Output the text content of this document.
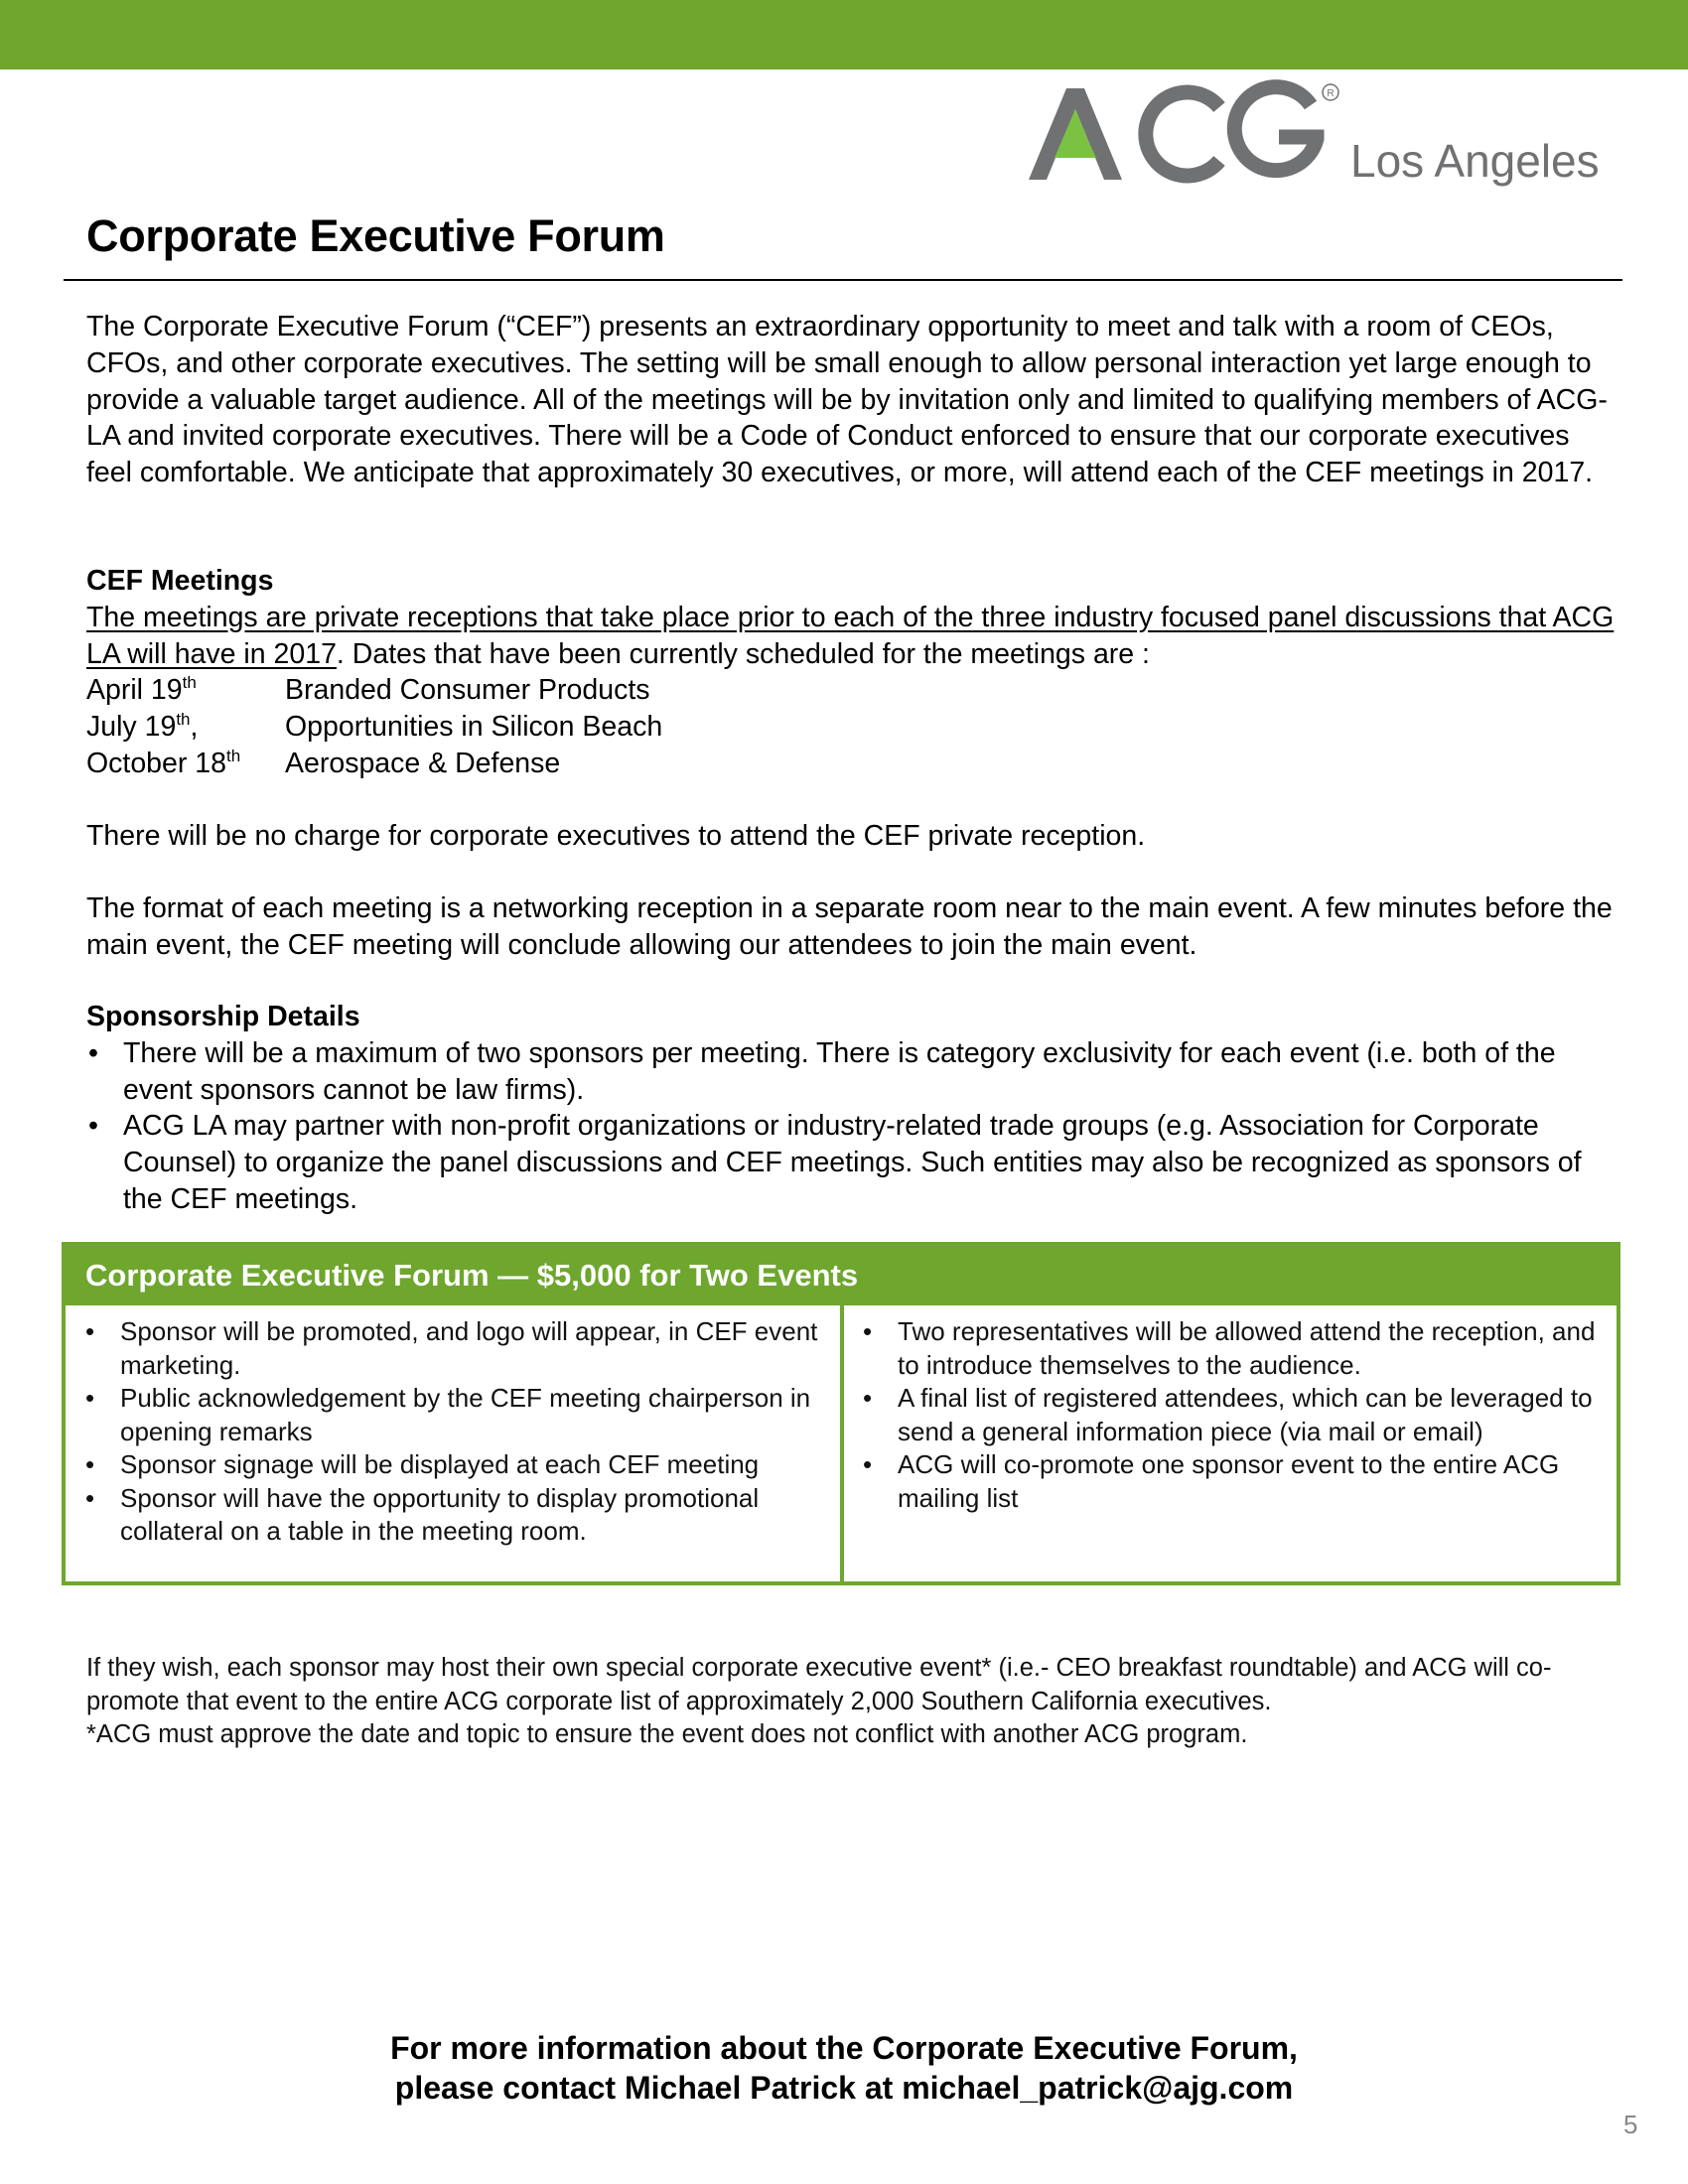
R
Los Angeles
Corporate Executive Forum

The Corporate Executive Forum (“CEF”) presents an extraordinary opportunity to meet and talk with a room of CEOs, CFOs, and other corporate executives. The setting will be small enough to allow personal interaction yet large enough to provide a valuable target audience. All of the meetings will be by invitation only and limited to qualifying members of ACG-LA and invited corporate executives. There will be a Code of Conduct enforced to ensure that our corporate executives feel comfortable. We anticipate that approximately 30 executives, or more, will attend each of the CEF meetings in 2017.

CEF Meetings
The meetings are private receptions that take place prior to each of the three industry focused panel discussions that ACG LA will have in 2017. Dates that have been currently scheduled for the meetings are :
April 19th	Branded Consumer Products
July 19th,	Opportunities in Silicon Beach
October 18th	Aerospace & Defense

There will be no charge for corporate executives to attend the CEF private reception.

The format of each meeting is a networking reception in a separate room near to the main event. A few minutes before the main event, the CEF meeting will conclude allowing our attendees to join the main event.

Sponsorship Details
• There will be a maximum of two sponsors per meeting. There is category exclusivity for each event (i.e. both of the event sponsors cannot be law firms).
• ACG LA may partner with non-profit organizations or industry-related trade groups (e.g. Association for Corporate Counsel) to organize the panel discussions and CEF meetings. Such entities may also be recognized as sponsors of the CEF meetings.
Corporate Executive Forum — $5,000 for Two Events
• Sponsor will be promoted, and logo will appear, in CEF event marketing.
• Public acknowledgement by the CEF meeting chairperson in opening remarks
• Sponsor signage will be displayed at each CEF meeting
• Sponsor will have the opportunity to display promotional collateral on a table in the meeting room.
• Two representatives will be allowed attend the reception, and to introduce themselves to the audience.
• A final list of registered attendees, which can be leveraged to send a general information piece (via mail or email)
• ACG will co-promote one sponsor event to the entire ACG mailing list
If they wish, each sponsor may host their own special corporate executive event* (i.e.- CEO breakfast roundtable) and ACG will co-promote that event to the entire ACG corporate list of approximately 2,000 Southern California executives.
*ACG must approve the date and topic to ensure the event does not conflict with another ACG program.
For more information about the Corporate Executive Forum,
please contact Michael Patrick at michael_patrick@ajg.com
5
